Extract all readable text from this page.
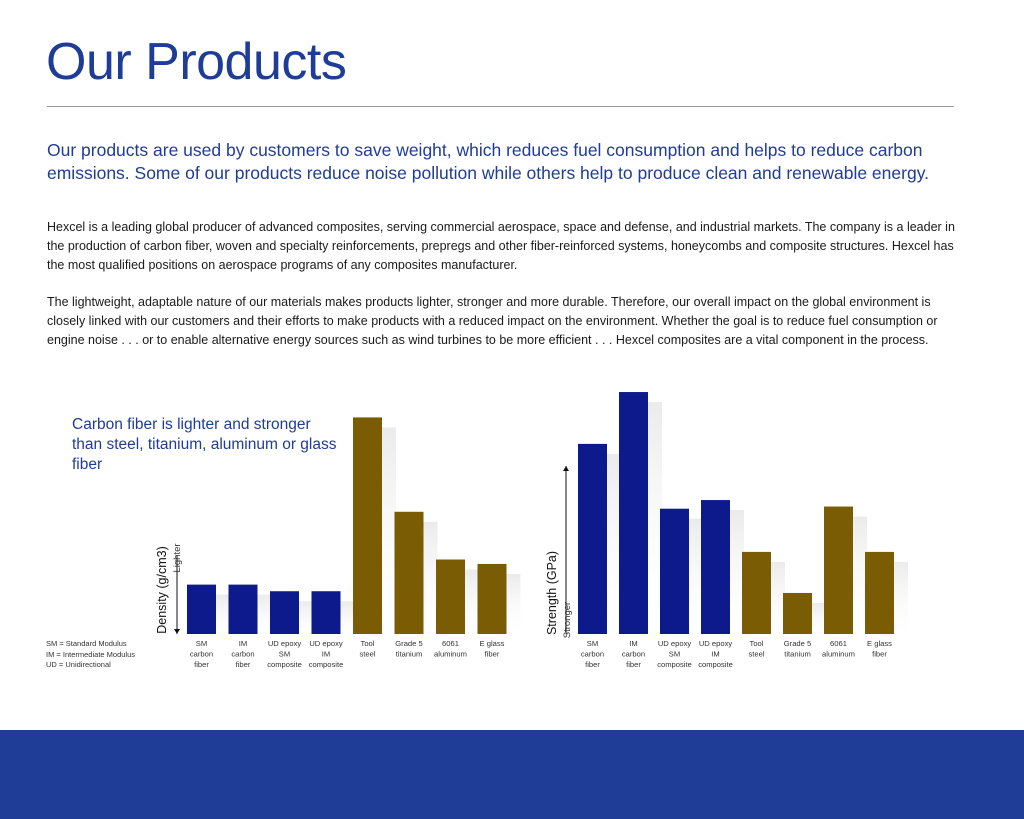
Our Products

Our products are used by customers to save weight, which reduces fuel consumption and helps to reduce carbon emissions. Some of our products reduce noise pollution while others help to produce clean and renewable energy.

Hexcel is a leading global producer of advanced composites, serving commercial aerospace, space and defense, and industrial markets. The company is a leader in the production of carbon fiber, woven and specialty reinforcements, prepregs and other fiber-reinforced systems, honeycombs and composite structures. Hexcel has the most qualified positions on aerospace programs of any composites manufacturer.

The lightweight, adaptable nature of our materials makes products lighter, stronger and more durable. Therefore, our overall impact on the global environment is closely linked with our customers and their efforts to make products with a reduced impact on the environment. Whether the goal is to reduce fuel consumption or engine noise . . . or to enable alternative energy sources such as wind turbines to be more efficient . . . Hexcel composites are a vital component in the process.

Carbon fiber is lighter and stronger than steel, titanium, aluminum or glass fiber

SM = Standard Modulus
IM = Intermediate Modulus
UD = Unidirectional
SM
carbon
fiber
IM
carbon
fiber
UD epoxy
SM
composite
UD epoxy
IM
composite
Tool
steel
Grade 5
titanium
6061
aluminum
E glass
fiber
Density (g/cm3) Lighter
SM
carbon
fiber
IM
carbon
fiber
UD epoxy
SM
composite
UD epoxy
IM
composite
Tool
steel
Grade 5
titanium
6061
aluminum
E glass
fiber
Strength (GPa) Stronger
